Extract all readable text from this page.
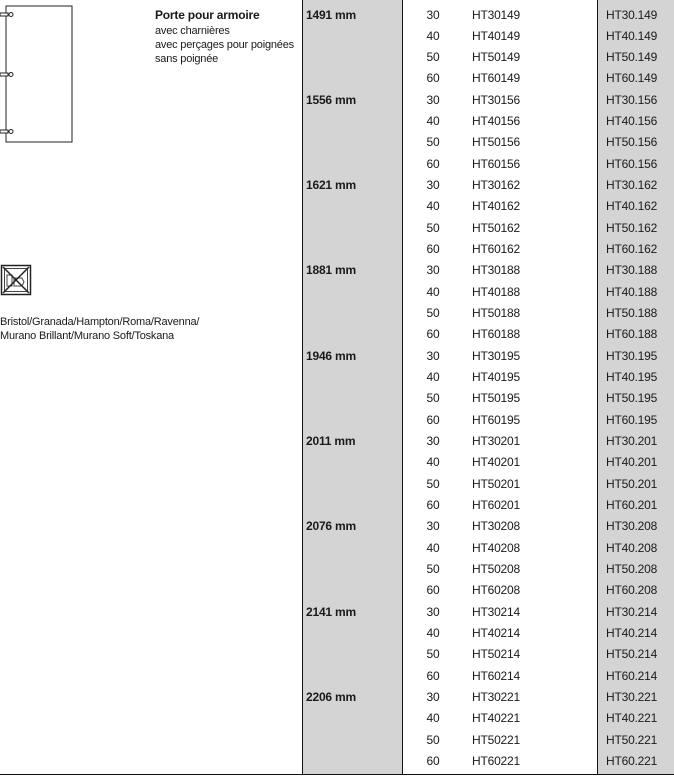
Porte pour armoire
avec charnières
avec perçages pour poignées
sans poignée
Bristol/Granada/Hampton/Roma/Ravenna/
Murano Brillant/Murano Soft/Toskana
1491 mm	30	HT30149	HT30.149
40	HT40149	HT40.149
50	HT50149	HT50.149
60	HT60149	HT60.149
1556 mm	30	HT30156	HT30.156
40	HT40156	HT40.156
50	HT50156	HT50.156
60	HT60156	HT60.156
1621 mm	30	HT30162	HT30.162
40	HT40162	HT40.162
50	HT50162	HT50.162
60	HT60162	HT60.162
1881 mm	30	HT30188	HT30.188
40	HT40188	HT40.188
50	HT50188	HT50.188
60	HT60188	HT60.188
1946 mm	30	HT30195	HT30.195
40	HT40195	HT40.195
50	HT50195	HT50.195
60	HT60195	HT60.195
2011 mm	30	HT30201	HT30.201
40	HT40201	HT40.201
50	HT50201	HT50.201
60	HT60201	HT60.201
2076 mm	30	HT30208	HT30.208
40	HT40208	HT40.208
50	HT50208	HT50.208
60	HT60208	HT60.208
2141 mm	30	HT30214	HT30.214
40	HT40214	HT40.214
50	HT50214	HT50.214
60	HT60214	HT60.214
2206 mm	30	HT30221	HT30.221
40	HT40221	HT40.221
50	HT50221	HT50.221
60	HT60221	HT60.221
